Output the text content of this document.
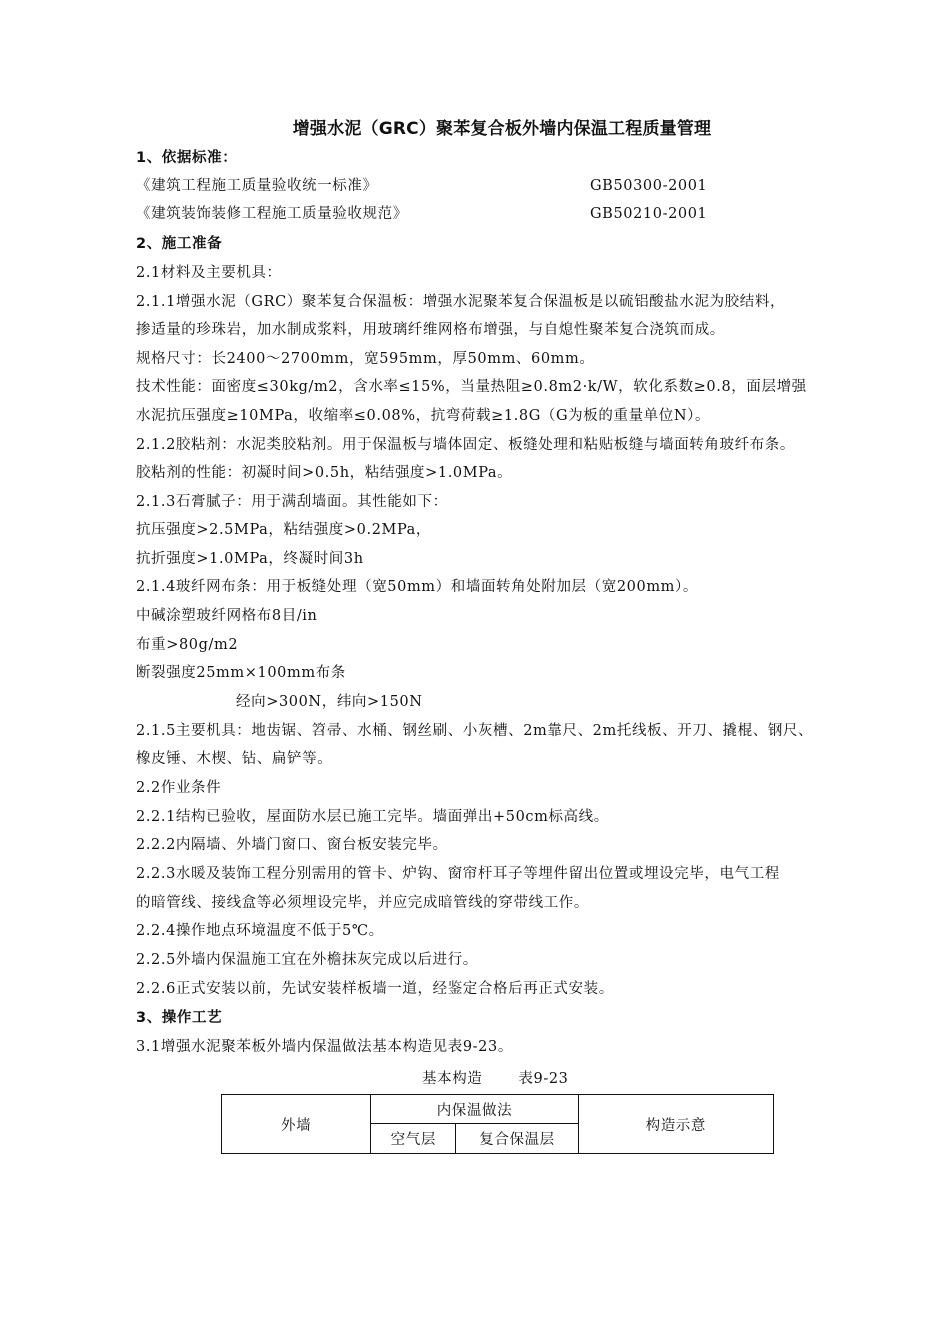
增强水泥（GRC）聚苯复合板外墙内保温工程质量管理
1、依据标准：
《建筑工程施工质量验收统一标准》	GB50300-2001
《建筑装饰装修工程施工质量验收规范》	GB50210-2001
2、施工准备
2.1材料及主要机具：
2.1.1增强水泥（GRC）聚苯复合保温板：增强水泥聚苯复合保温板是以硫铝酸盐水泥为胶结料，
掺适量的珍珠岩，加水制成浆料，用玻璃纤维网格布增强，与自熄性聚苯复合浇筑而成。
规格尺寸：长2400～2700mm，宽595mm，厚50mm、60mm。
技术性能：面密度≤30kg/m2，含水率≤15%，当量热阻≥0.8m2·k/W，软化系数≥0.8，面层增强
水泥抗压强度≥10MPa，收缩率≤0.08%，抗弯荷载≥1.8G（G为板的重量单位N）。
2.1.2胶粘剂：水泥类胶粘剂。用于保温板与墙体固定、板缝处理和粘贴板缝与墙面转角玻纤布条。
胶粘剂的性能：初凝时间>0.5h，粘结强度>1.0MPa。
2.1.3石膏腻子：用于满刮墙面。其性能如下：
抗压强度>2.5MPa，粘结强度>0.2MPa，
抗折强度>1.0MPa，终凝时间3h
2.1.4玻纤网布条：用于板缝处理（宽50mm）和墙面转角处附加层（宽200mm）。
中碱涂塑玻纤网格布8目/in
布重>80g/m2
断裂强度25mm×100mm布条
经向>300N，纬向>150N
2.1.5主要机具：地齿锯、笤帚、水桶、钢丝刷、小灰槽、2m靠尺、2m托线板、开刀、撬棍、钢尺、
橡皮锤、木楔、钻、扁铲等。
2.2作业条件
2.2.1结构已验收，屋面防水层已施工完毕。墙面弹出+50cm标高线。
2.2.2内隔墙、外墙门窗口、窗台板安装完毕。
2.2.3水暖及装饰工程分别需用的管卡、炉钩、窗帘杆耳子等埋件留出位置或埋设完毕，电气工程
的暗管线、接线盒等必须埋设完毕，并应完成暗管线的穿带线工作。
2.2.4操作地点环境温度不低于5℃。
2.2.5外墙内保温施工宜在外檐抹灰完成以后进行。
2.2.6正式安装以前，先试安装样板墙一道，经鉴定合格后再正式安装。
3、操作工艺
3.1增强水泥聚苯板外墙内保温做法基本构造见表9-23。
基本构造 表9-23
外墙	内保温做法		构造示意
	空气层	复合保温层	
